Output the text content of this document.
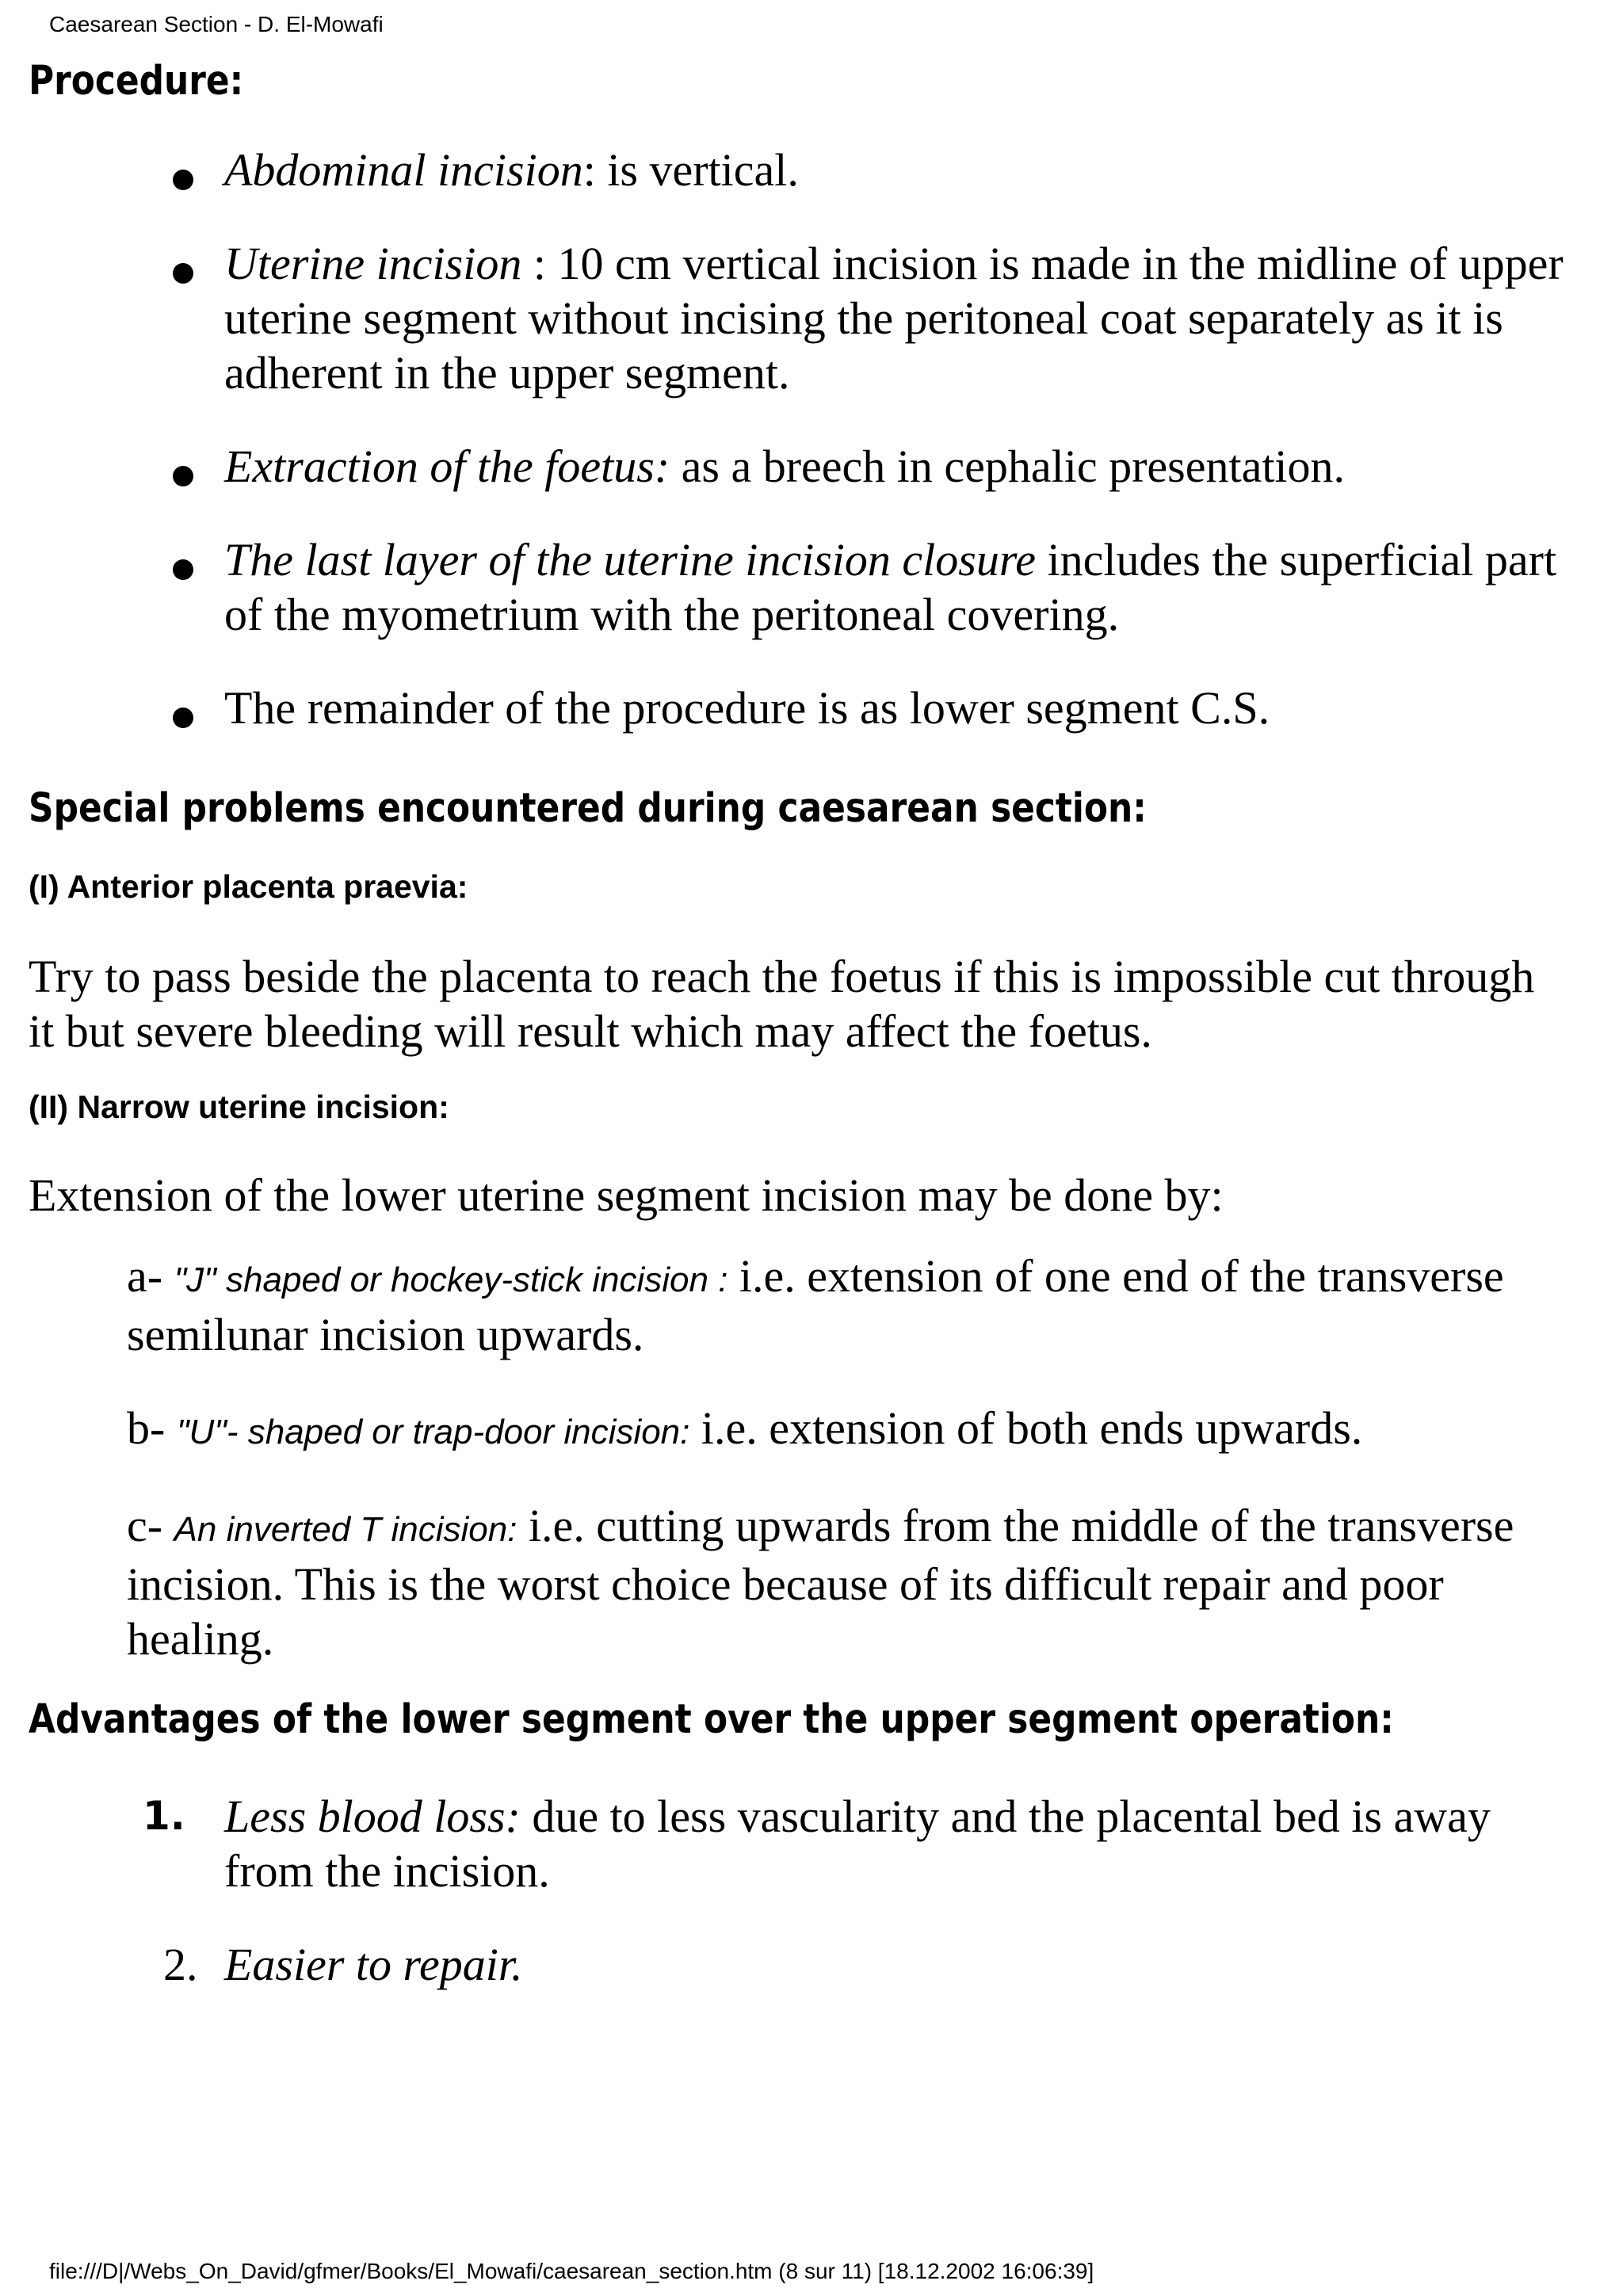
Caesarean Section - D. El-Mowafi

Procedure:
Abdominal incision: is vertical.
Uterine incision : 10 cm vertical incision is made in the midline of upper uterine segment without incising the peritoneal coat separately as it is adherent in the upper segment.
Extraction of the foetus: as a breech in cephalic presentation.
The last layer of the uterine incision closure includes the superficial part of the myometrium with the peritoneal covering.
The remainder of the procedure is as lower segment C.S.
Special problems encountered during caesarean section:
(I) Anterior placenta praevia:

Try to pass beside the placenta to reach the foetus if this is impossible cut through it but severe bleeding will result which may affect the foetus.

(II) Narrow uterine incision:

Extension of the lower uterine segment incision may be done by:

a- "J" shaped or hockey-stick incision : i.e. extension of one end of the transverse semilunar incision upwards.

b- "U"- shaped or trap-door incision: i.e. extension of both ends upwards.

c- An inverted T incision: i.e. cutting upwards from the middle of the transverse incision. This is the worst choice because of its difficult repair and poor healing.

Advantages of the lower segment over the upper segment operation:
1. Less blood loss: due to less vascularity and the placental bed is away from the incision.
2. Easier to repair.

file:///D|/Webs_On_David/gfmer/Books/El_Mowafi/caesarean_section.htm (8 sur 11) [18.12.2002 16:06:39]
